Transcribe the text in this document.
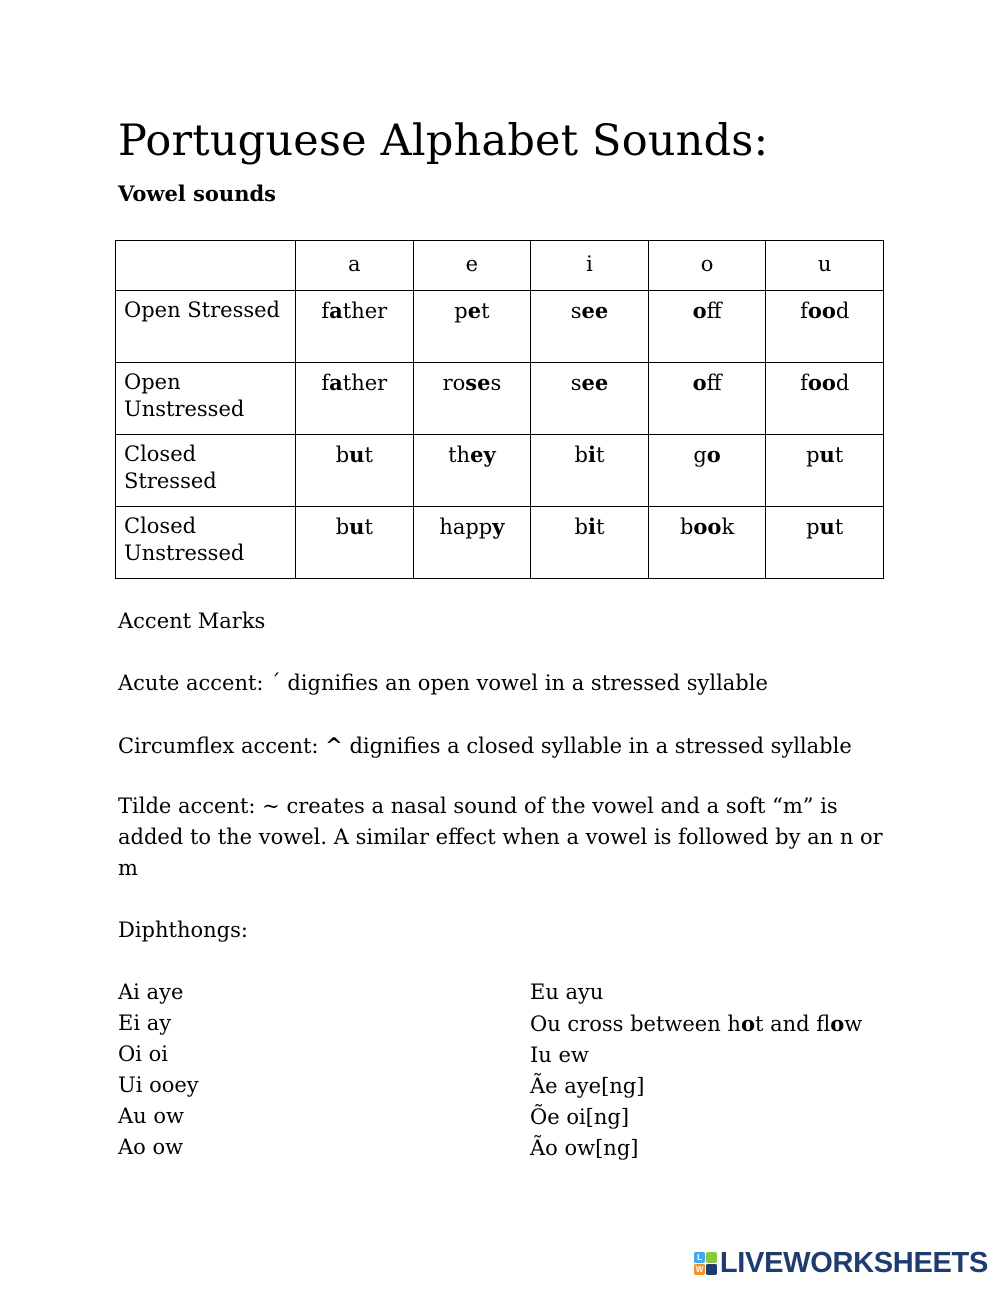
Portuguese Alphabet Sounds:
Vowel sounds
	a	e	i	o	u
Open Stressed	father	pet	see	off	food
Open Unstressed	father	roses	see	off	food
Closed Stressed	but	they	bit	go	put
Closed Unstressed	but	happy	bit	book	put

Accent Marks

Acute accent: ´ dignifies an open vowel in a stressed syllable

Circumflex accent: ^ dignifies a closed syllable in a stressed syllable

Tilde accent: ~ creates a nasal sound of the vowel and a soft “m” is added to the vowel. A similar effect when a vowel is followed by an n or m

Diphthongs:

Ai aye
Ei ay
Oi oi
Ui ooey
Au ow
Ao ow
Eu ayu
Ou cross between hot and flow
Iu ew
Ãe aye[ng]
Õe oi[ng]
Ão ow[ng]
L
W LIVEWORKSHEETS
